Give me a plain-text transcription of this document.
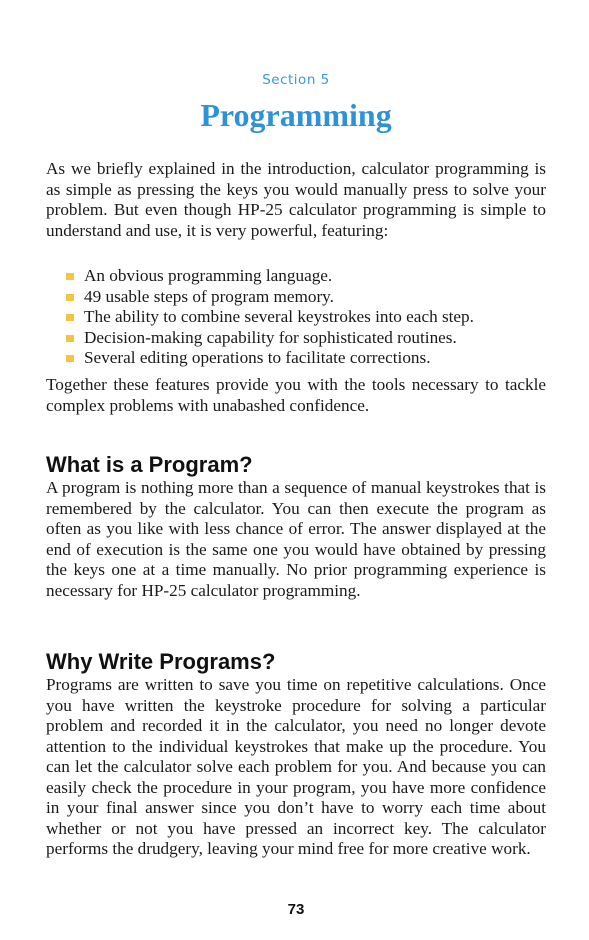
Section 5
Programming

As we briefly explained in the introduction, calculator programming is as simple as pressing the keys you would manually press to solve your problem. But even though HP-25 calculator programming is simple to understand and use, it is very powerful, featuring:

An obvious programming language.
49 usable steps of program memory.
The ability to combine several keystrokes into each step.
Decision-making capability for sophisticated routines.
Several editing operations to facilitate corrections.

Together these features provide you with the tools necessary to tackle complex problems with unabashed confidence.

What is a Program?

A program is nothing more than a sequence of manual keystrokes that is remembered by the calculator. You can then execute the program as often as you like with less chance of error. The answer displayed at the end of execution is the same one you would have obtained by pressing the keys one at a time manually. No prior programming experience is necessary for HP-25 calculator programming.

Why Write Programs?

Programs are written to save you time on repetitive calculations. Once you have written the keystroke procedure for solving a particular problem and recorded it in the calculator, you need no longer devote attention to the individual keystrokes that make up the procedure. You can let the calculator solve each problem for you. And because you can easily check the procedure in your program, you have more confidence in your final answer since you don’t have to worry each time about whether or not you have pressed an incorrect key. The calculator performs the drudgery, leaving your mind free for more creative work.

73
